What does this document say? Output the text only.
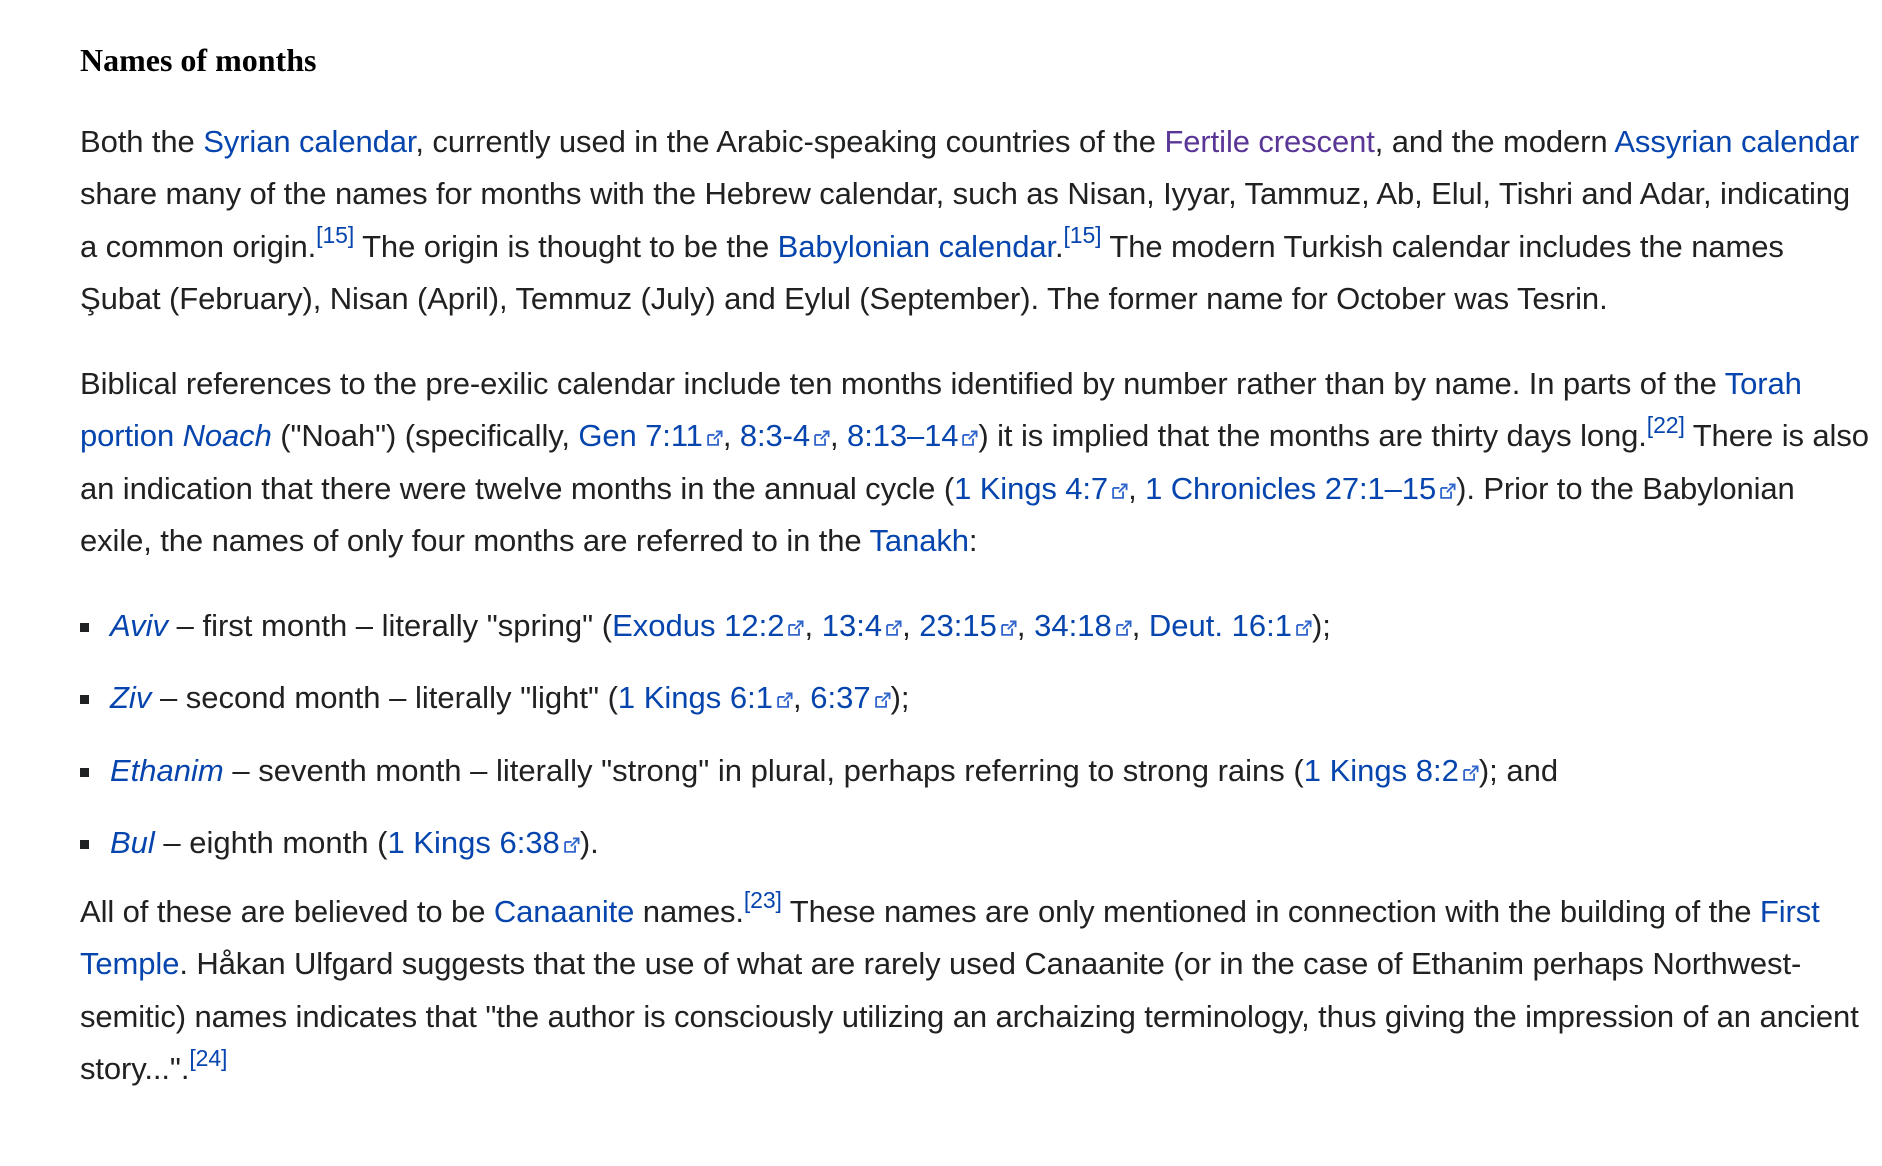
Names of months

Both the Syrian calendar, currently used in the Arabic-speaking countries of the Fertile crescent, and the modern Assyrian calendar share many of the names for months with the Hebrew calendar, such as Nisan, Iyyar, Tammuz, Ab, Elul, Tishri and Adar, indicating a common origin.[15] The origin is thought to be the Babylonian calendar.[15] The modern Turkish calendar includes the names Şubat (February), Nisan (April), Temmuz (July) and Eylul (September). The former name for October was Tesrin.

Biblical references to the pre-exilic calendar include ten months identified by number rather than by name. In parts of the Torah portion Noach ("Noah") (specifically, Gen 7:11 , 8:3-4 , 8:13–14 ) it is implied that the months are thirty days long.[22] There is also an indication that there were twelve months in the annual cycle (1 Kings 4:7 , 1 Chronicles 27:1–15 ). Prior to the Babylonian exile, the names of only four months are referred to in the Tanakh:

Aviv – first month – literally "spring" (Exodus 12:2 , 13:4 , 23:15 , 34:18 , Deut. 16:1 );
Ziv – second month – literally "light" (1 Kings 6:1 , 6:37 );
Ethanim – seventh month – literally "strong" in plural, perhaps referring to strong rains (1 Kings 8:2 ); and
Bul – eighth month (1 Kings 6:38 ).

All of these are believed to be Canaanite names.[23] These names are only mentioned in connection with the building of the First Temple. Håkan Ulfgard suggests that the use of what are rarely used Canaanite (or in the case of Ethanim perhaps Northwest-semitic) names indicates that "the author is consciously utilizing an archaizing terminology, thus giving the impression of an ancient story...".[24]
